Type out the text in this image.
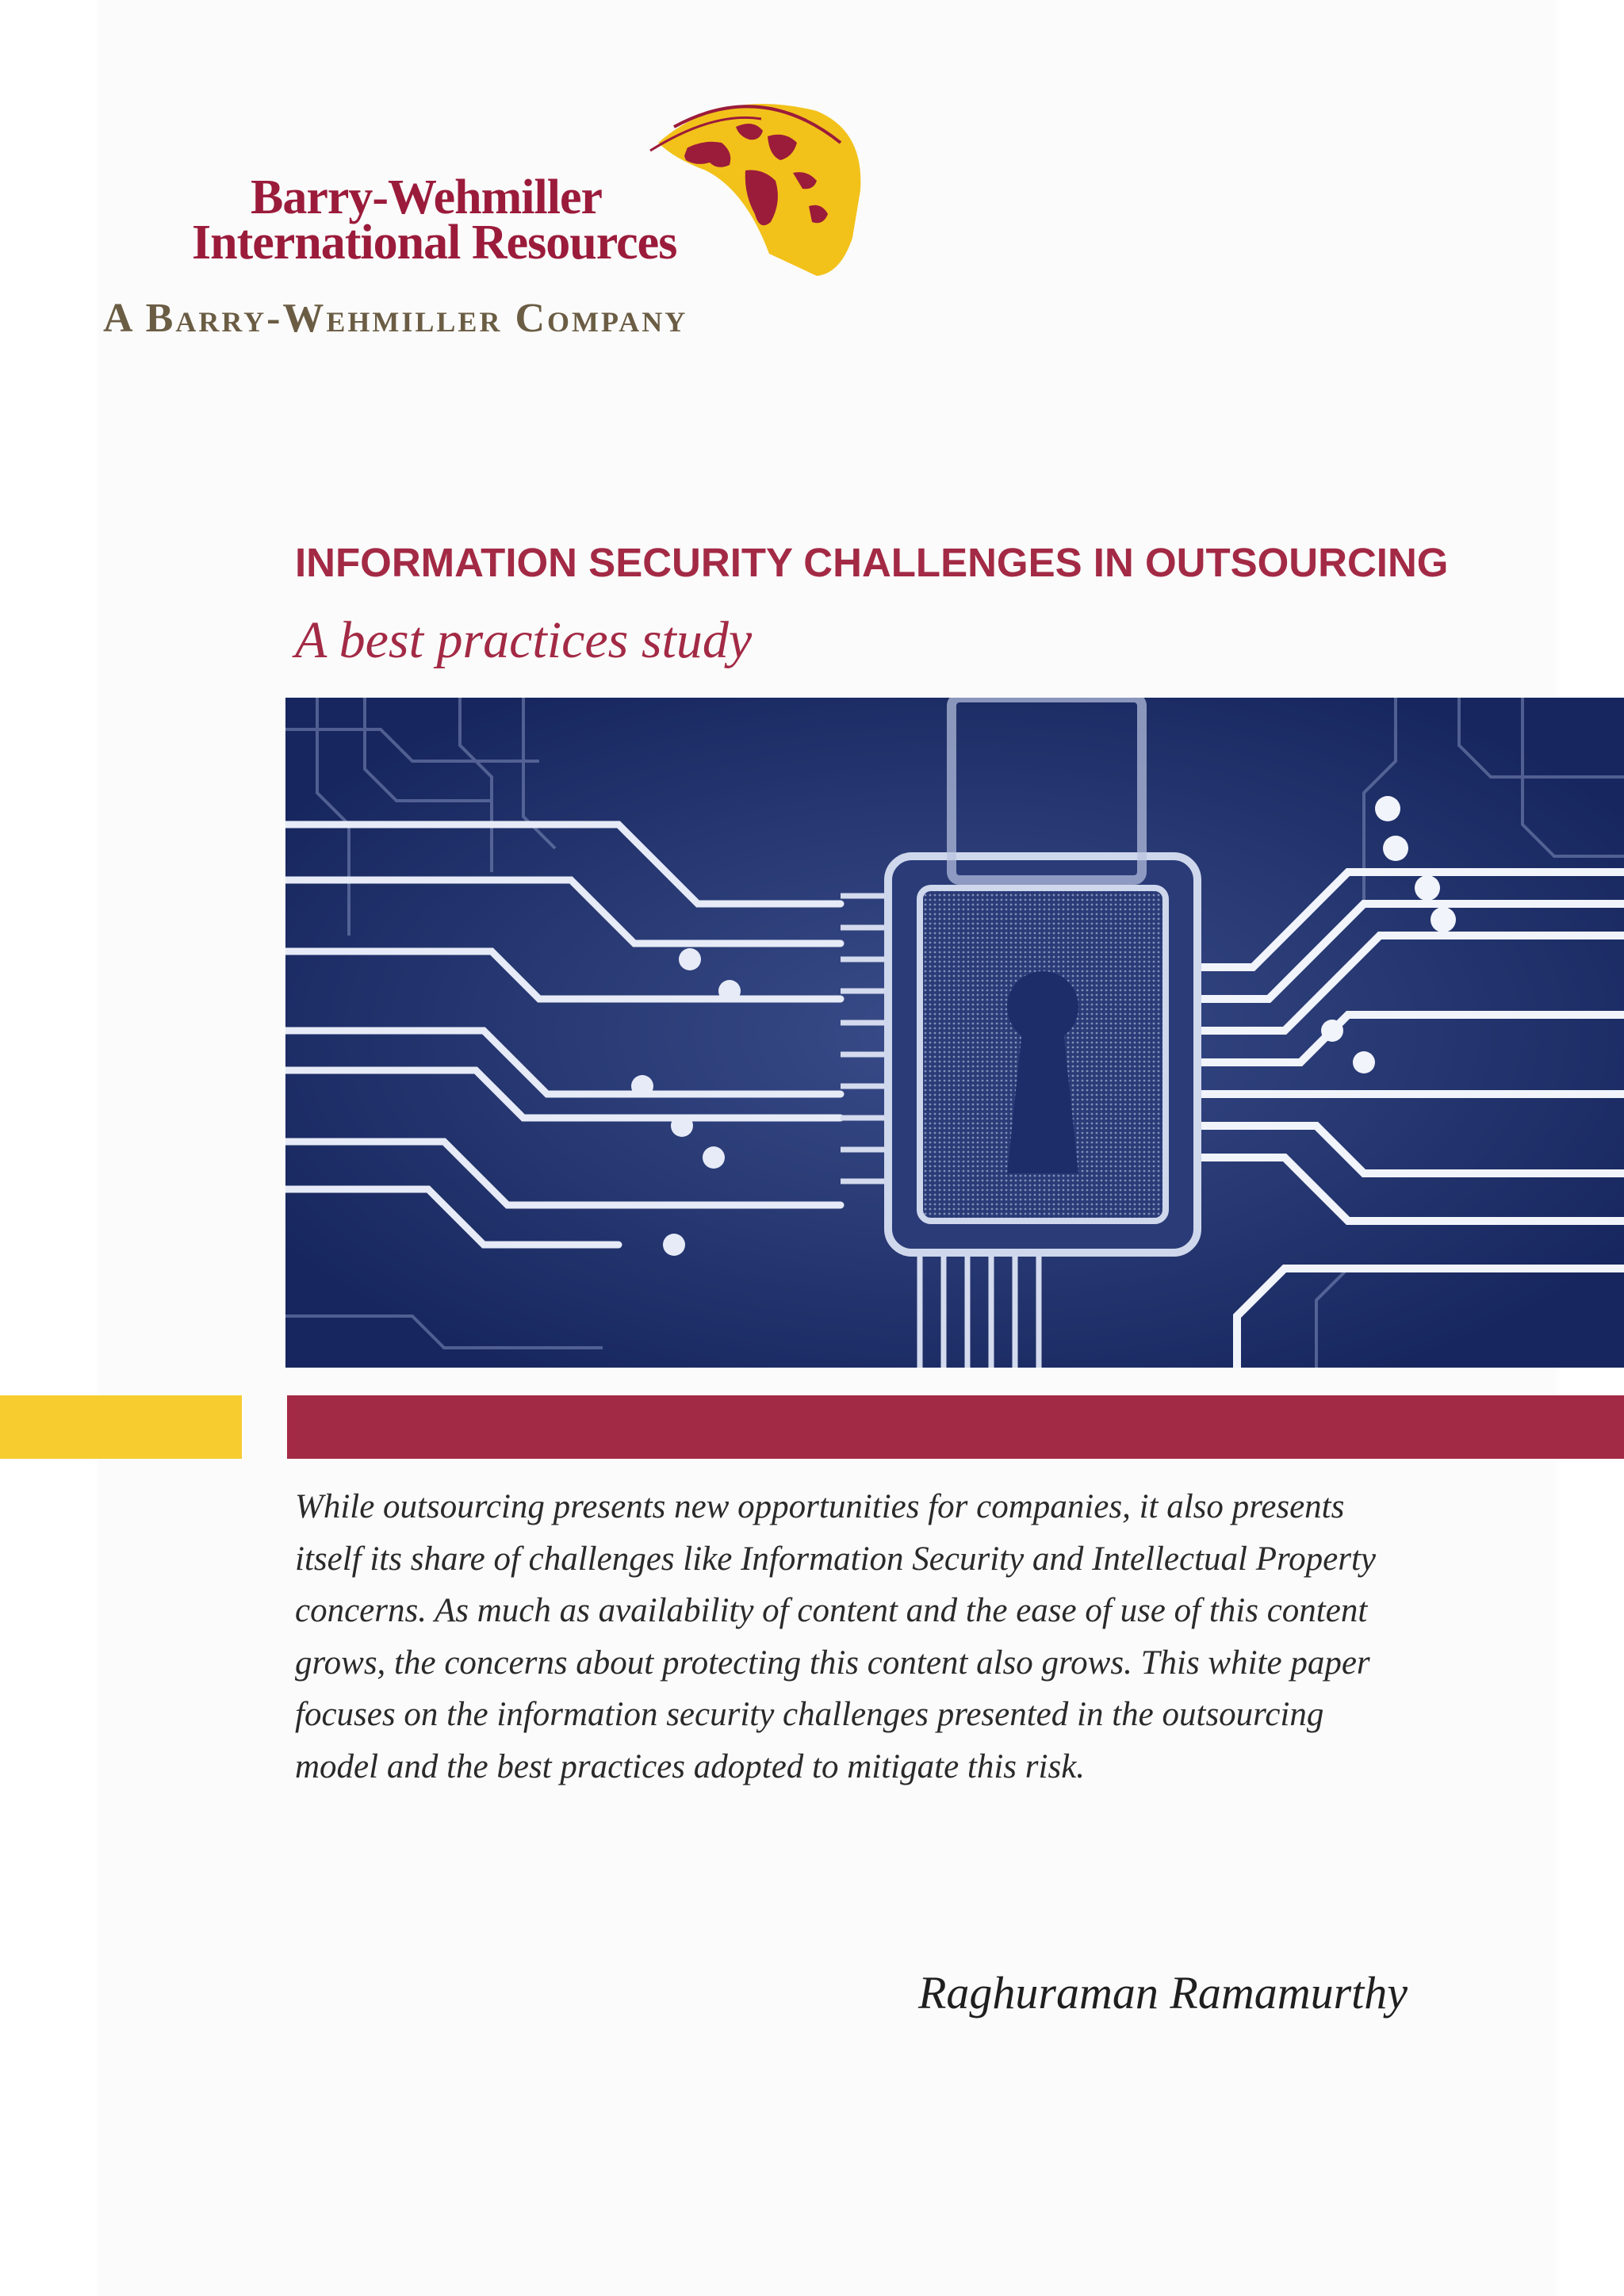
Barry-Wehmiller
International Resources
A Barry-Wehmiller Company
INFORMATION SECURITY CHALLENGES IN OUTSOURCING
A best practices study
While outsourcing presents new opportunities for companies, it also presents
itself its share of challenges like Information Security and Intellectual Property
concerns. As much as availability of content and the ease of use of this content
grows, the concerns about protecting this content also grows. This white paper
focuses on the information security challenges presented in the outsourcing
model and the best practices adopted to mitigate this risk.
Raghuraman Ramamurthy
